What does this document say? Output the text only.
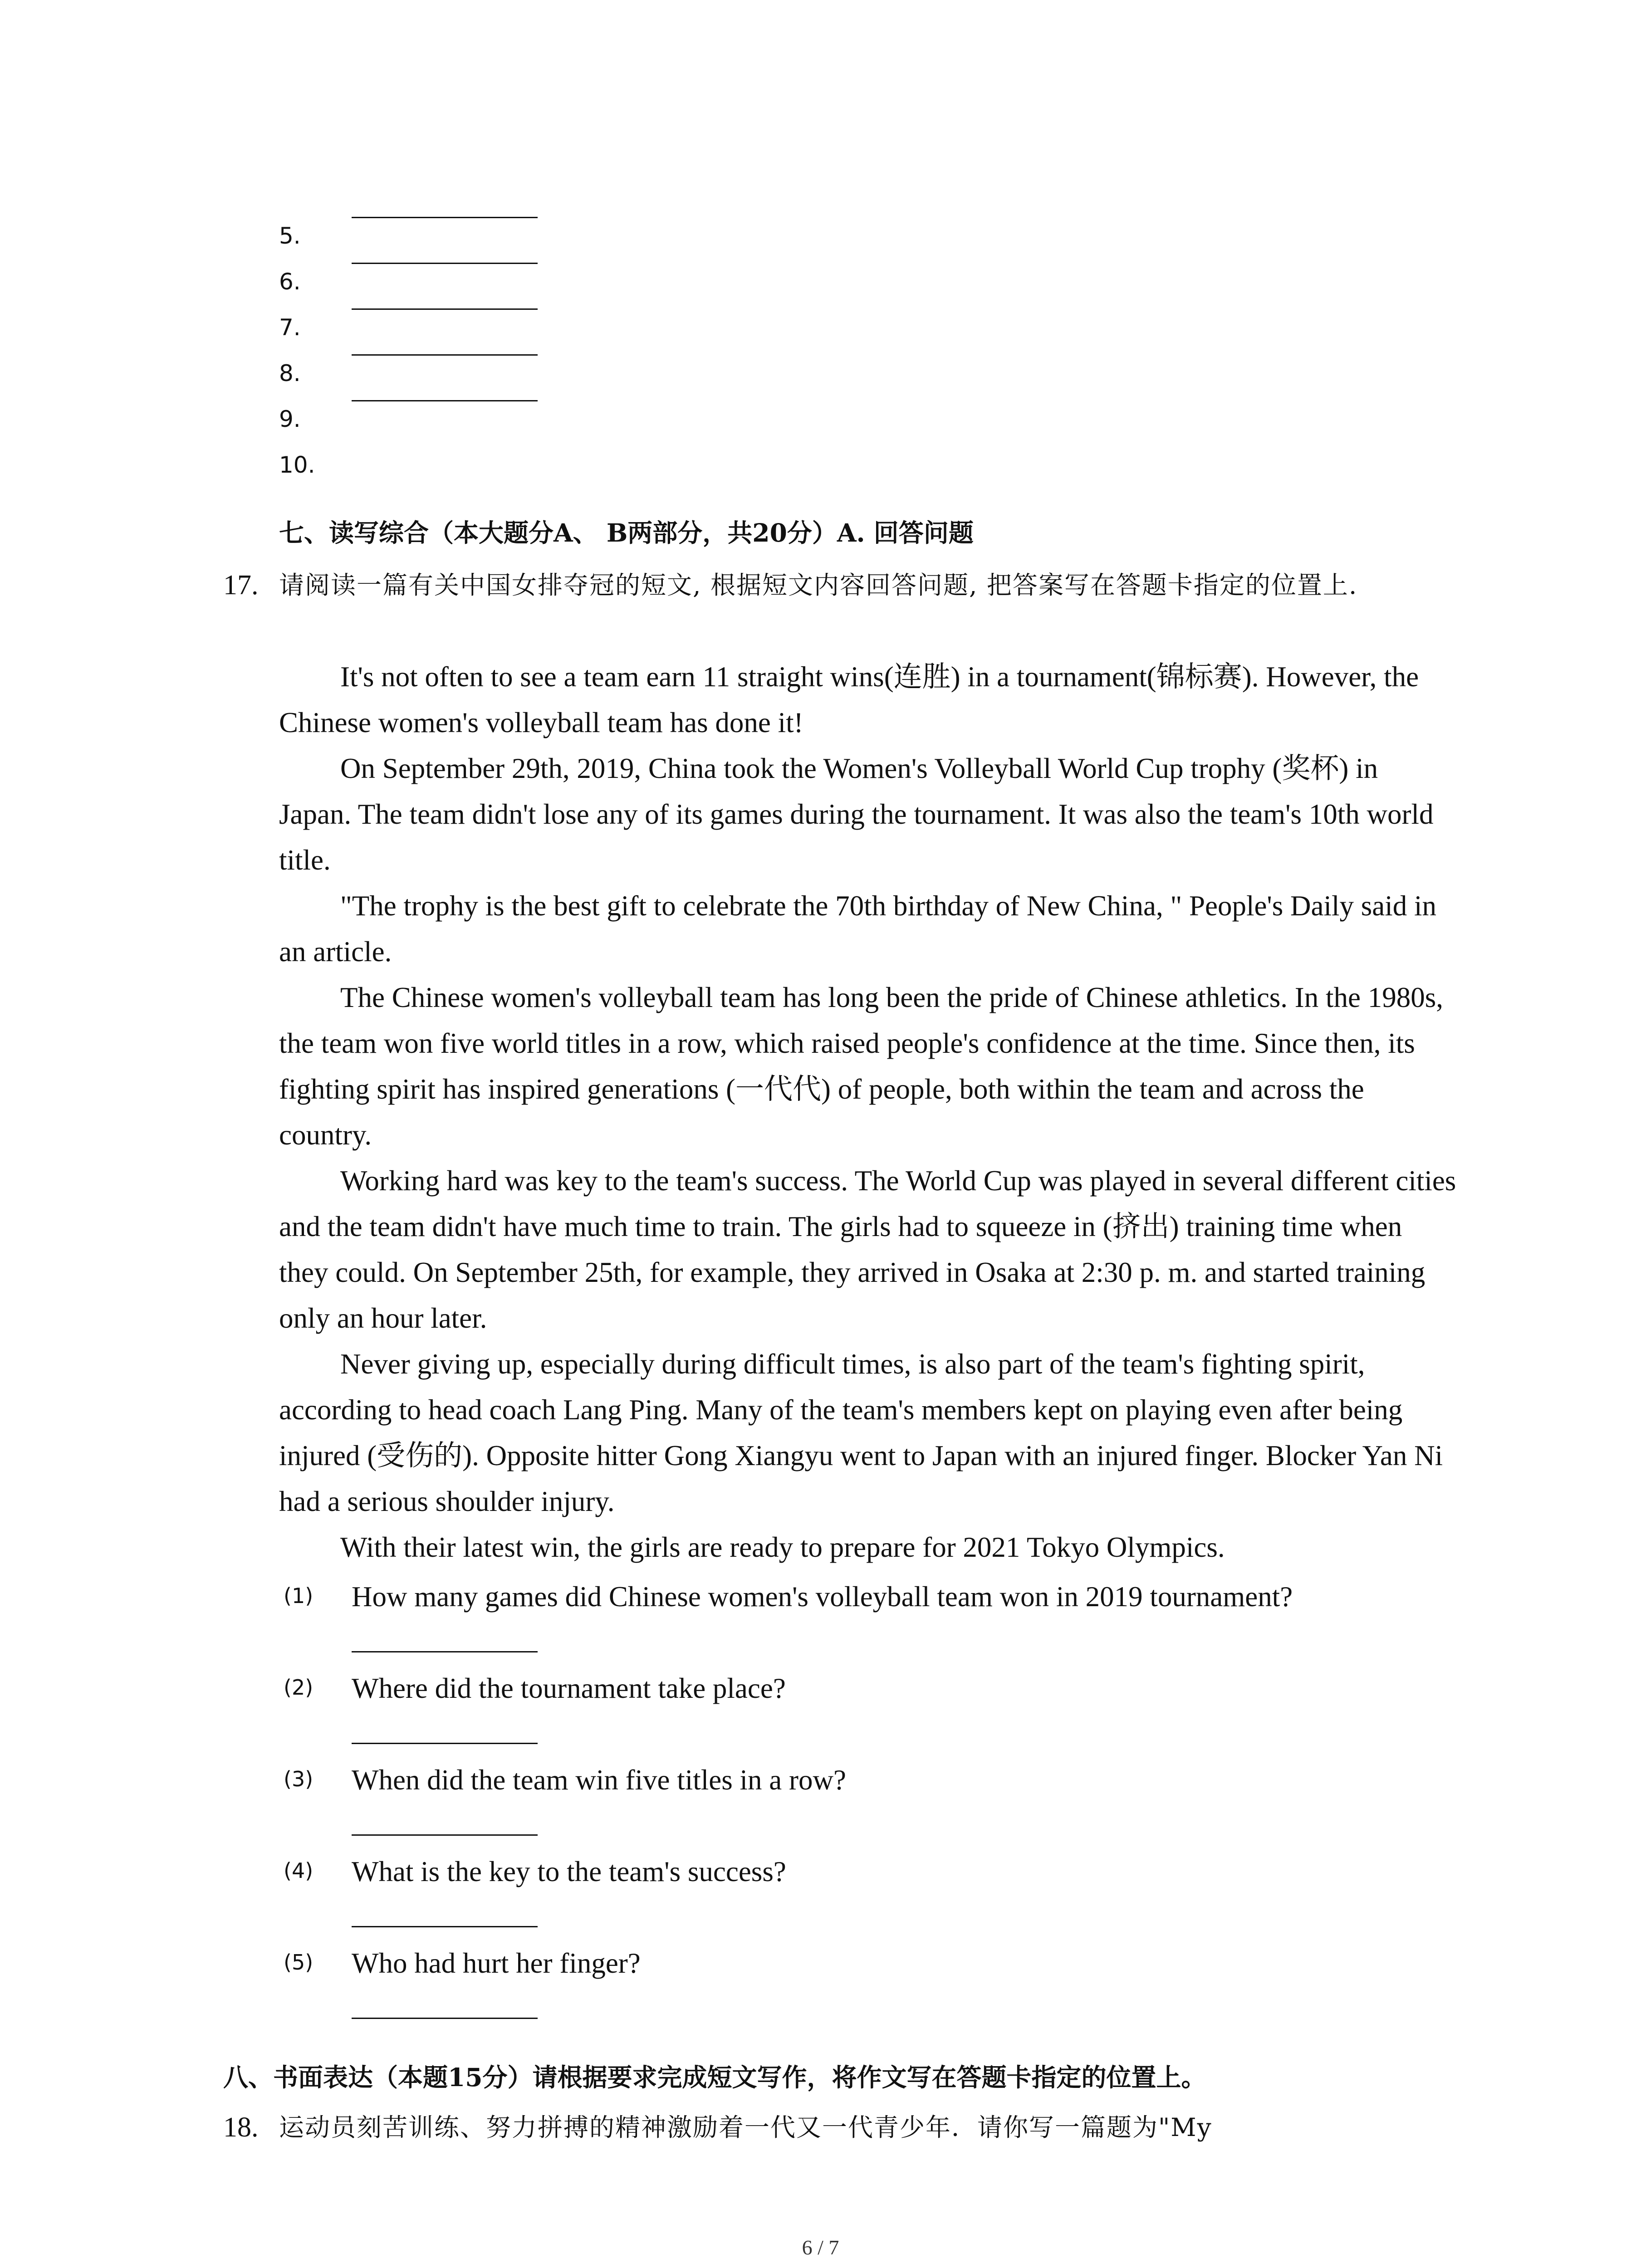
5.
6.
7.
8.
9.
10.
七、读写综合（本大题分A、 B两部分，共20分）A. 回答问题
17. 请阅读一篇有关中国女排夺冠的短文, 根据短文内容回答问题, 把答案写在答题卡指定的位置上.

It's not often to see a team earn 11 straight wins(连胜) in a tournament(锦标赛). However, the Chinese women's volleyball team has done it!

On September 29th, 2019, China took the Women's Volleyball World Cup trophy (奖杯) in Japan. The team didn't lose any of its games during the tournament. It was also the team's 10th world title.

"The trophy is the best gift to celebrate the 70th birthday of New China, " People's Daily said in an article.

The Chinese women's volleyball team has long been the pride of Chinese athletics. In the 1980s, the team won five world titles in a row, which raised people's confidence at the time. Since then, its fighting spirit has inspired generations (一代代) of people, both within the team and across the country.

Working hard was key to the team's success. The World Cup was played in several different cities and the team didn't have much time to train. The girls had to squeeze in (挤出) training time when they could. On September 25th, for example, they arrived in Osaka at 2:30 p. m. and started training only an hour later.

Never giving up, especially during difficult times, is also part of the team's fighting spirit, according to head coach Lang Ping. Many of the team's members kept on playing even after being injured (受伤的). Opposite hitter Gong Xiangyu went to Japan with an injured finger. Blocker Yan Ni had a serious shoulder injury.

With their latest win, the girls are ready to prepare for 2021 Tokyo Olympics.

(1) How many games did Chinese women's volleyball team won in 2019 tournament?
(2) Where did the tournament take place?
(3) When did the team win five titles in a row?
(4) What is the key to the team's success?
(5) Who had hurt her finger?
八、书面表达（本题15分）请根据要求完成短文写作，将作文写在答题卡指定的位置上。
18. 运动员刻苦训练、努力拼搏的精神激励着一代又一代青少年．请你写一篇题为"My
6 / 7
